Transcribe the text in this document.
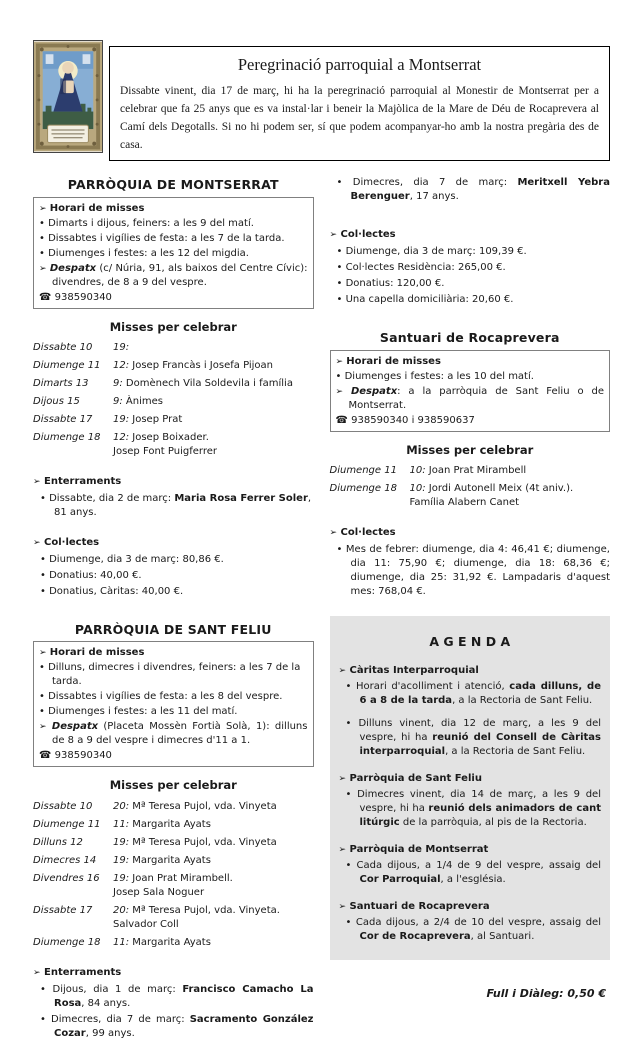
Peregrinació parroquial a Montserrat
Dissabte vinent, dia 17 de març, hi ha la peregrinació parroquial al Monestir de Montserrat per a celebrar que fa 25 anys que es va instal·lar i beneir la Majòlica de la Mare de Déu de Rocaprevera al Camí dels Degotalls. Si no hi podem ser, sí que podem acompanyar-ho amb la nostra pregària des de casa.
PARRÒQUIA DE MONTSERRAT
➢ Horari de misses
• Dimarts i dijous, feiners: a les 9 del matí.
• Dissabtes i vigílies de festa: a les 7 de la tarda.
• Diumenges i festes: a les 12 del migdia.
➢ Despatx (c/ Núria, 91, als baixos del Centre Cívic): divendres, de 8 a 9 del vespre.
☎ 938590340
Misses per celebrar
Dissabte 10	19:
Diumenge 11	12: Josep Francàs i Josefa Pijoan
Dimarts 13	9: Domènech Vila Soldevila i família
Dijous 15	9: Ànimes
Dissabte 17	19: Josep Prat
Diumenge 18	12: Josep Boixader.
Josep Font Puigferrer
➢ Enterraments
• Dissabte, dia 2 de març: Maria Rosa Ferrer Soler, 81 anys.
➢ Col·lectes
• Diumenge, dia 3 de març: 80,86 €.
• Donatius: 40,00 €.
• Donatius, Càritas: 40,00 €.
PARRÒQUIA DE SANT FELIU
➢ Horari de misses
• Dilluns, dimecres i divendres, feiners: a les 7 de la tarda.
• Dissabtes i vigílies de festa: a les 8 del vespre.
• Diumenges i festes: a les 11 del matí.
➢ Despatx (Placeta Mossèn Fortià Solà, 1): dilluns de 8 a 9 del vespre i dimecres d'11 a 1.
☎ 938590340
Misses per celebrar
Dissabte 10	20: Mª Teresa Pujol, vda. Vinyeta
Diumenge 11	11: Margarita Ayats
Dilluns 12	19: Mª Teresa Pujol, vda. Vinyeta
Dimecres 14	19: Margarita Ayats
Divendres 16	19: Joan Prat Mirambell.
Josep Sala Noguer
Dissabte 17	20: Mª Teresa Pujol, vda. Vinyeta.
Salvador Coll
Diumenge 18	11: Margarita Ayats
➢ Enterraments
• Dijous, dia 1 de març: Francisco Camacho La Rosa, 84 anys.
• Dimecres, dia 7 de març: Sacramento González Cozar, 99 anys.
• Dimecres, dia 7 de març: Meritxell Yebra Berenguer, 17 anys.
➢ Col·lectes
• Diumenge, dia 3 de març: 109,39 €.
• Col·lectes Residència: 265,00 €.
• Donatius: 120,00 €.
• Una capella domiciliària: 20,60 €.
Santuari de Rocaprevera
➢ Horari de misses
• Diumenges i festes: a les 10 del matí.
➢ Despatx: a la parròquia de Sant Feliu o de Montserrat.
☎ 938590340 i 938590637
Misses per celebrar
Diumenge 11	10: Joan Prat Mirambell
Diumenge 18	10: Jordi Autonell Meix (4t aniv.).
Família Alabern Canet
➢ Col·lectes
• Mes de febrer: diumenge, dia 4: 46,41 €; diumenge, dia 11: 75,90 €; diumenge, dia 18: 68,36 €; diumenge, dia 25: 31,92 €. Lampadaris d'aquest mes: 768,04 €.
A G E N D A
➢ Càritas Interparroquial
• Horari d'acolliment i atenció, cada dilluns, de 6 a 8 de la tarda, a la Rectoria de Sant Feliu.
• Dilluns vinent, dia 12 de març, a les 9 del vespre, hi ha reunió del Consell de Càritas interparroquial, a la Rectoria de Sant Feliu.
➢ Parròquia de Sant Feliu
• Dimecres vinent, dia 14 de març, a les 9 del vespre, hi ha reunió dels animadors de cant litúrgic de la parròquia, al pis de la Rectoria.
➢ Parròquia de Montserrat
• Cada dijous, a 1/4 de 9 del vespre, assaig del Cor Parroquial, a l'església.
➢ Santuari de Rocaprevera
• Cada dijous, a 2/4 de 10 del vespre, assaig del Cor de Rocaprevera, al Santuari.
Full i Diàleg: 0,50 €
